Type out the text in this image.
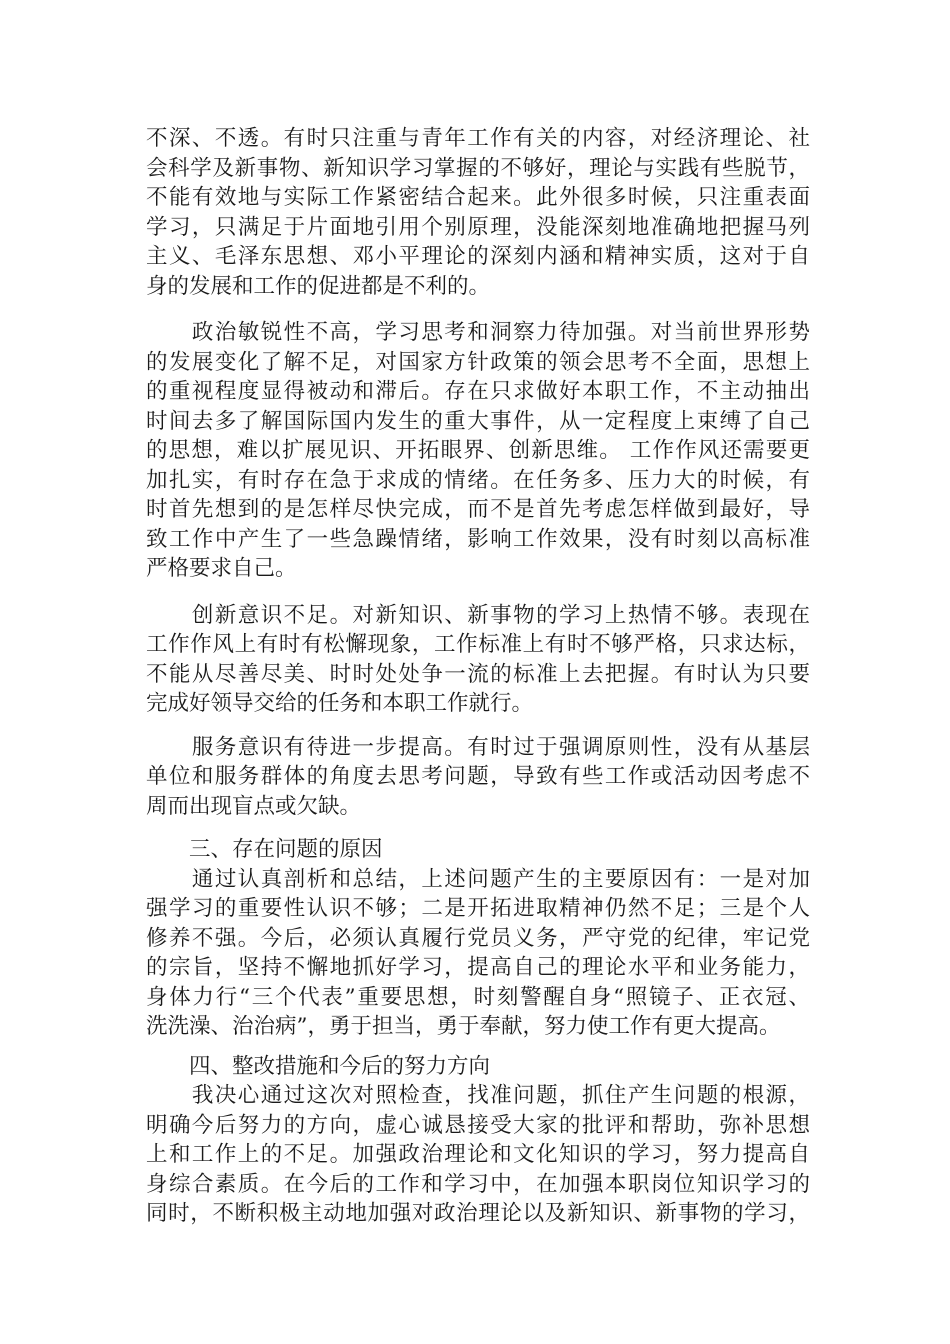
不深、不透。有时只注重与青年工作有关的内容，对经济理论、社
会科学及新事物、新知识学习掌握的不够好，理论与实践有些脱节，
不能有效地与实际工作紧密结合起来。此外很多时候，只注重表面
学习，只满足于片面地引用个别原理，没能深刻地准确地把握马列
主义、毛泽东思想、邓小平理论的深刻内涵和精神实质，这对于自
身的发展和工作的促进都是不利的。
　　政治敏锐性不高，学习思考和洞察力待加强。对当前世界形势
的发展变化了解不足，对国家方针政策的领会思考不全面，思想上
的重视程度显得被动和滞后。存在只求做好本职工作，不主动抽出
时间去多了解国际国内发生的重大事件，从一定程度上束缚了自己
的思想，难以扩展见识、开拓眼界、创新思维。 工作作风还需要更
加扎实，有时存在急于求成的情绪。在任务多、压力大的时候，有
时首先想到的是怎样尽快完成，而不是首先考虑怎样做到最好，导
致工作中产生了一些急躁情绪，影响工作效果，没有时刻以高标准
严格要求自己。
　　创新意识不足。对新知识、新事物的学习上热情不够。表现在
工作作风上有时有松懈现象，工作标准上有时不够严格，只求达标，
不能从尽善尽美、时时处处争一流的标准上去把握。有时认为只要
完成好领导交给的任务和本职工作就行。
　　服务意识有待进一步提高。有时过于强调原则性，没有从基层
单位和服务群体的角度去思考问题，导致有些工作或活动因考虑不
周而出现盲点或欠缺。
　　三、存在问题的原因
　　通过认真剖析和总结，上述问题产生的主要原因有：一是对加
强学习的重要性认识不够；二是开拓进取精神仍然不足；三是个人
修养不强。今后，必须认真履行党员义务，严守党的纪律，牢记党
的宗旨，坚持不懈地抓好学习，提高自己的理论水平和业务能力，
身体力行“三个代表”重要思想，时刻警醒自身“照镜子、正衣冠、
洗洗澡、治治病”，勇于担当，勇于奉献，努力使工作有更大提高。
　　四、整改措施和今后的努力方向
　　我决心通过这次对照检查，找准问题，抓住产生问题的根源，
明确今后努力的方向，虚心诚恳接受大家的批评和帮助，弥补思想
上和工作上的不足。加强政治理论和文化知识的学习，努力提高自
身综合素质。在今后的工作和学习中，在加强本职岗位知识学习的
同时，不断积极主动地加强对政治理论以及新知识、新事物的学习，
